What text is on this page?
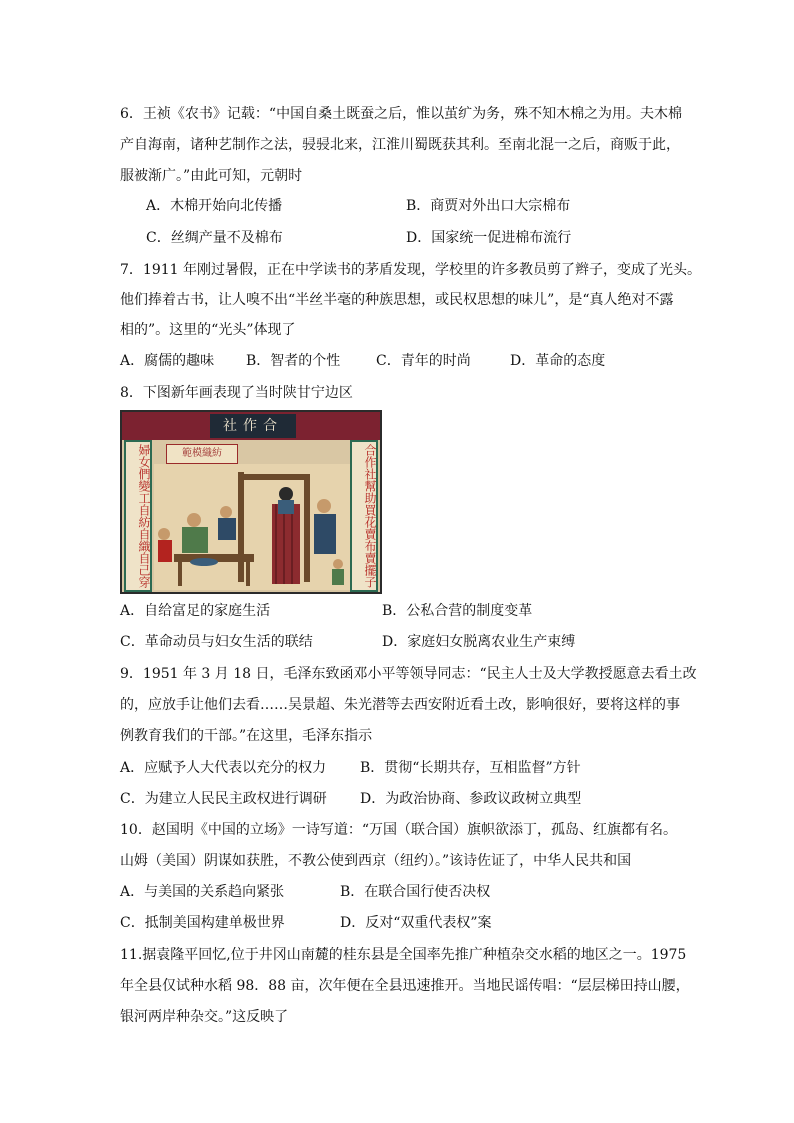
6．王祯《农书》记载：“中国自桑土既蚕之后，惟以茧纩为务，殊不知木棉之为用。夫木棉
产自海南，诸种艺制作之法，骎骎北来，江淮川蜀既获其利。至南北混一之后，商贩于此，
服被渐广。”由此可知，元朝时
A．木棉开始向北传播	B．商贾对外出口大宗棉布
C．丝绸产量不及棉布	D．国家统一促进棉布流行
7．1911 年刚过暑假，正在中学读书的茅盾发现，学校里的许多教员剪了辫子，变成了光头。
他们捧着古书，让人嗅不出“半丝半毫的种族思想，或民权思想的味儿”，是“真人绝对不露
相的”。这里的“光头”体现了
A．腐儒的趣味 B．智者的个性	C．青年的时尚	D．革命的态度
8．下图新年画表现了当时陕甘宁边区
社作合
婦女們變工自紡自織自己穿	合作社幫助買花賣布賣擺子
範模織紡
A．自给富足的家庭生活	B．公私合营的制度变革
C．革命动员与妇女生活的联结	D．家庭妇女脱离农业生产束缚
9．1951 年 3 月 18 日，毛泽东致函邓小平等领导同志：“民主人士及大学教授愿意去看土改
的，应放手让他们去看……吴景超、朱光潜等去西安附近看土改，影响很好，要将这样的事
例教育我们的干部。”在这里，毛泽东指示
A．应赋予人大代表以充分的权力 B．贯彻“长期共存，互相监督”方针
C．为建立人民民主政权进行调研 D．为政治协商、参政议政树立典型
10．赵国明《中国的立场》一诗写道：“万国（联合国）旗帜欲添丁，孤岛、红旗都有名。
山姆（美国）阴谋如获胜，不教公使到西京（纽约）。”该诗佐证了，中华人民共和国
A．与美国的关系趋向紧张	B．在联合国行使否决权
C．抵制美国构建单极世界	D．反对“双重代表权”案
11.据袁隆平回忆,位于井冈山南麓的桂东县是全国率先推广种植杂交水稻的地区之一。1975
年全县仅试种水稻 98．88 亩，次年便在全县迅速推开。当地民谣传唱：“层层梯田持山腰，
银河两岸种杂交。”这反映了
